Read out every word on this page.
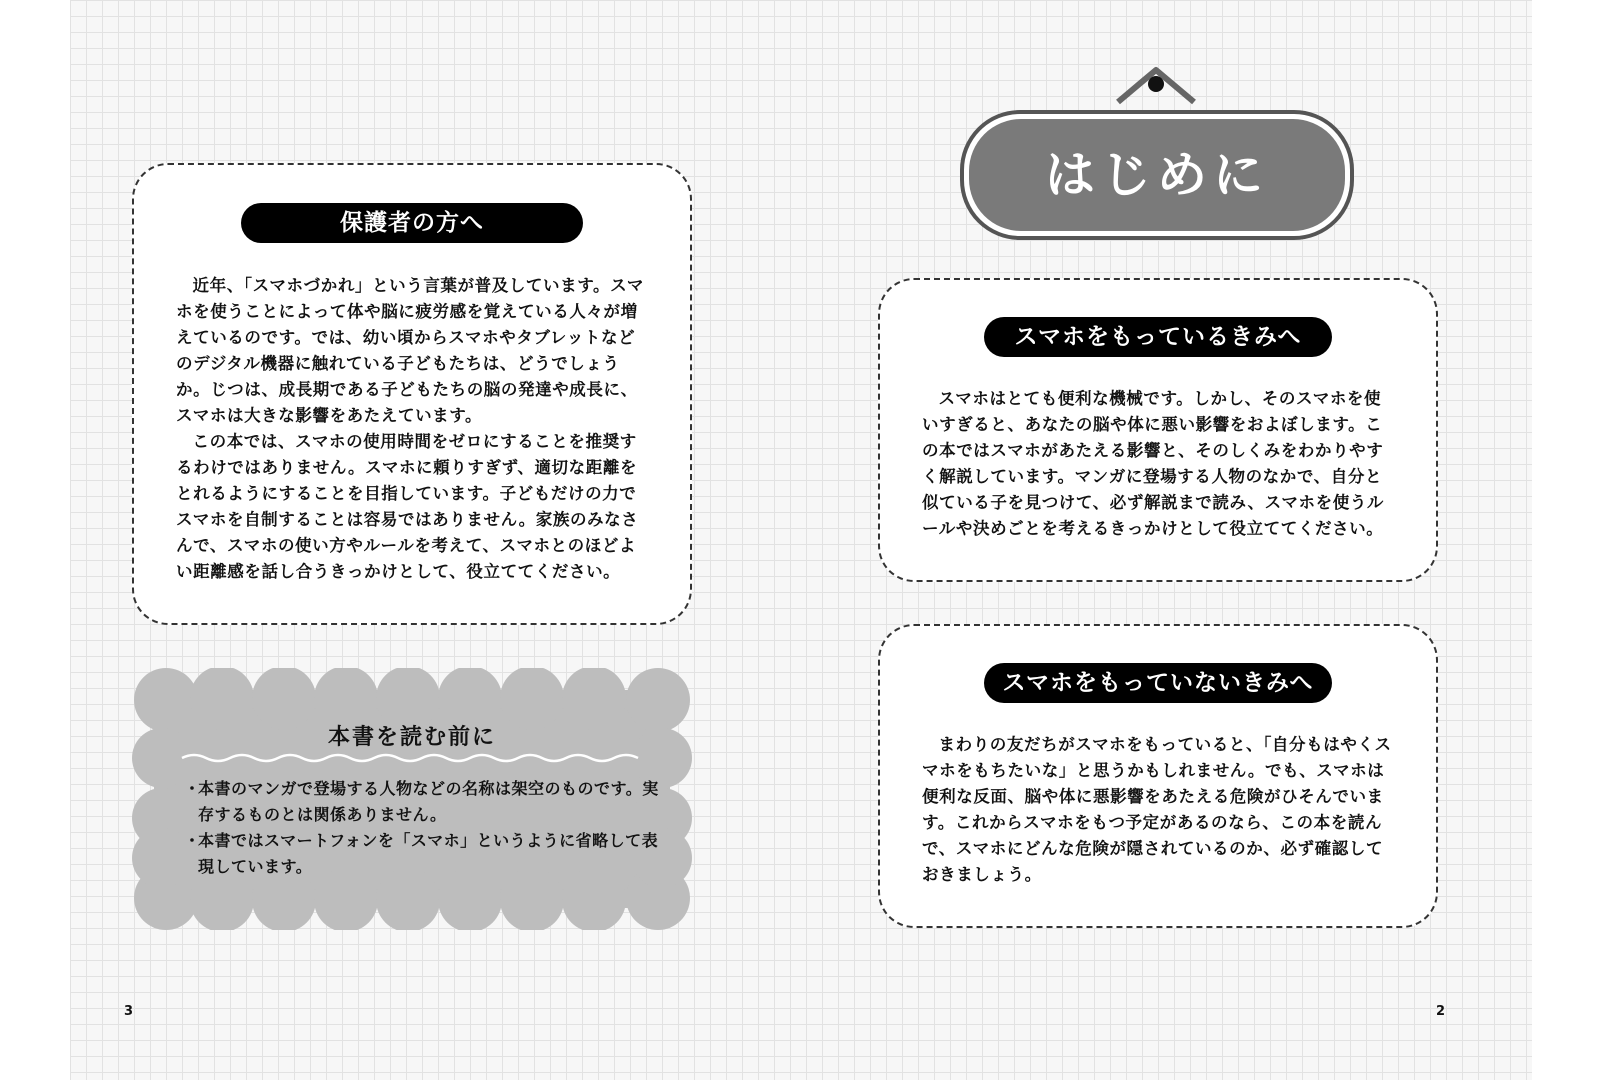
保護者の方へ

近年、「スマホづかれ」という言葉が普及しています。スマホを使うことによって体や脳に疲労感を覚えている人々が増えているのです。では、幼い頃からスマホやタブレットなどのデジタル機器に触れている子どもたちは、どうでしょうか。じつは、成長期である子どもたちの脳の発達や成長に、スマホは大きな影響をあたえています。

この本では、スマホの使用時間をゼロにすることを推奨するわけではありません。スマホに頼りすぎず、適切な距離をとれるようにすることを目指しています。子どもだけの力でスマホを自制することは容易ではありません。家族のみなさんで、スマホの使い方やルールを考えて、スマホとのほどよい距離感を話し合うきっかけとして、役立ててください。

本書を読む前に
・
本書のマンガで登場する人物などの名称は架空のものです。実存するものとは関係ありません。
・
本書ではスマートフォンを「スマホ」というように省略して表現しています。
3
はじめに
スマホをもっているきみへ

スマホはとても便利な機械です。しかし、そのスマホを使いすぎると、あなたの脳や体に悪い影響をおよぼします。この本ではスマホがあたえる影響と、そのしくみをわかりやすく解説しています。マンガに登場する人物のなかで、自分と似ている子を見つけて、必ず解説まで読み、スマホを使うルールや決めごとを考えるきっかけとして役立ててください。

スマホをもっていないきみへ

まわりの友だちがスマホをもっていると、「自分もはやくスマホをもちたいな」と思うかもしれません。でも、スマホは便利な反面、脳や体に悪影響をあたえる危険がひそんでいます。これからスマホをもつ予定があるのなら、この本を読んで、スマホにどんな危険が隠されているのか、必ず確認しておきましょう。

2
